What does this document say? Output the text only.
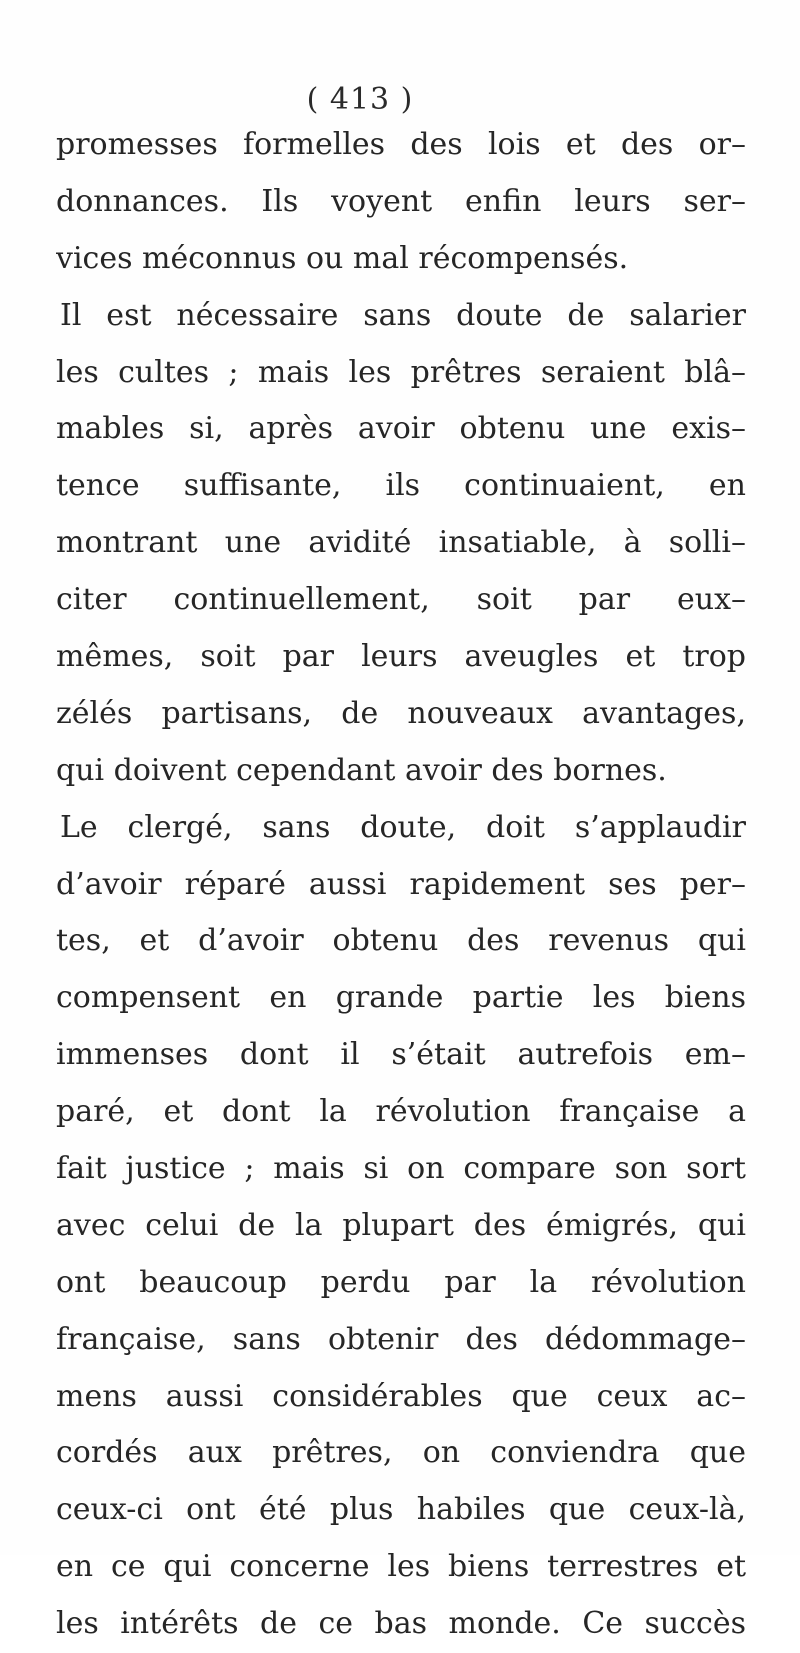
( 413 )
promesses formelles des lois et des or–
donnances. Ils voyent enfin leurs ser–
vices méconnus ou mal récompensés.
Il est nécessaire sans doute de salarier
les cultes ; mais les prêtres seraient blâ–
mables si, après avoir obtenu une exis–
tence suffisante, ils continuaient, en
montrant une avidité insatiable, à solli–
citer continuellement, soit par eux–
mêmes, soit par leurs aveugles et trop
zélés partisans, de nouveaux avantages,
qui doivent cependant avoir des bornes.
Le clergé, sans doute, doit s’applaudir
d’avoir réparé aussi rapidement ses per–
tes, et d’avoir obtenu des revenus qui
compensent en grande partie les biens
immenses dont il s’était autrefois em–
paré, et dont la révolution française a
fait justice ; mais si on compare son sort
avec celui de la plupart des émigrés, qui
ont beaucoup perdu par la révolution
française, sans obtenir des dédommage–
mens aussi considérables que ceux ac–
cordés aux prêtres, on conviendra que
ceux-ci ont été plus habiles que ceux-là,
en ce qui concerne les biens terrestres et
les intérêts de ce bas monde. Ce succès
